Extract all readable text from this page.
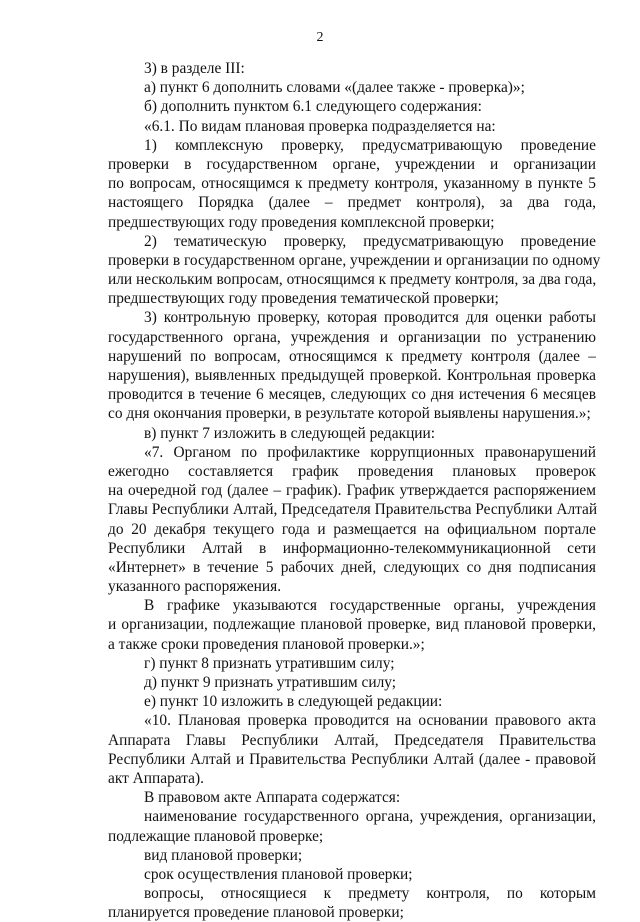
2
3) в разделе III:
а) пункт 6 дополнить словами «(далее также - проверка)»;
б) дополнить пунктом 6.1 следующего содержания:
«6.1. По видам плановая проверка подразделяется на:
1) комплексную проверку, предусматривающую проведение
проверки в государственном органе, учреждении и организации
по вопросам, относящимся к предмету контроля, указанному в пункте 5
настоящего Порядка (далее – предмет контроля), за два года,
предшествующих году проведения комплексной проверки;
2) тематическую проверку, предусматривающую проведение
проверки в государственном органе, учреждении и организации по одному
или нескольким вопросам, относящимся к предмету контроля, за два года,
предшествующих году проведения тематической проверки;
3) контрольную проверку, которая проводится для оценки работы
государственного органа, учреждения и организации по устранению
нарушений по вопросам, относящимся к предмету контроля (далее –
нарушения), выявленных предыдущей проверкой. Контрольная проверка
проводится в течение 6 месяцев, следующих со дня истечения 6 месяцев
со дня окончания проверки, в результате которой выявлены нарушения.»;
в) пункт 7 изложить в следующей редакции:
«7. Органом по профилактике коррупционных правонарушений
ежегодно составляется график проведения плановых проверок
на очередной год (далее – график). График утверждается распоряжением
Главы Республики Алтай, Председателя Правительства Республики Алтай
до 20 декабря текущего года и размещается на официальном портале
Республики Алтай в информационно-телекоммуникационной сети
«Интернет» в течение 5 рабочих дней, следующих со дня подписания
указанного распоряжения.
В графике указываются государственные органы, учреждения
и организации, подлежащие плановой проверке, вид плановой проверки,
а также сроки проведения плановой проверки.»;
г) пункт 8 признать утратившим силу;
д) пункт 9 признать утратившим силу;
е) пункт 10 изложить в следующей редакции:
«10. Плановая проверка проводится на основании правового акта
Аппарата Главы Республики Алтай, Председателя Правительства
Республики Алтай и Правительства Республики Алтай (далее - правовой
акт Аппарата).
В правовом акте Аппарата содержатся:
наименование государственного органа, учреждения, организации,
подлежащие плановой проверке;
вид плановой проверки;
срок осуществления плановой проверки;
вопросы, относящиеся к предмету контроля, по которым
планируется проведение плановой проверки;
